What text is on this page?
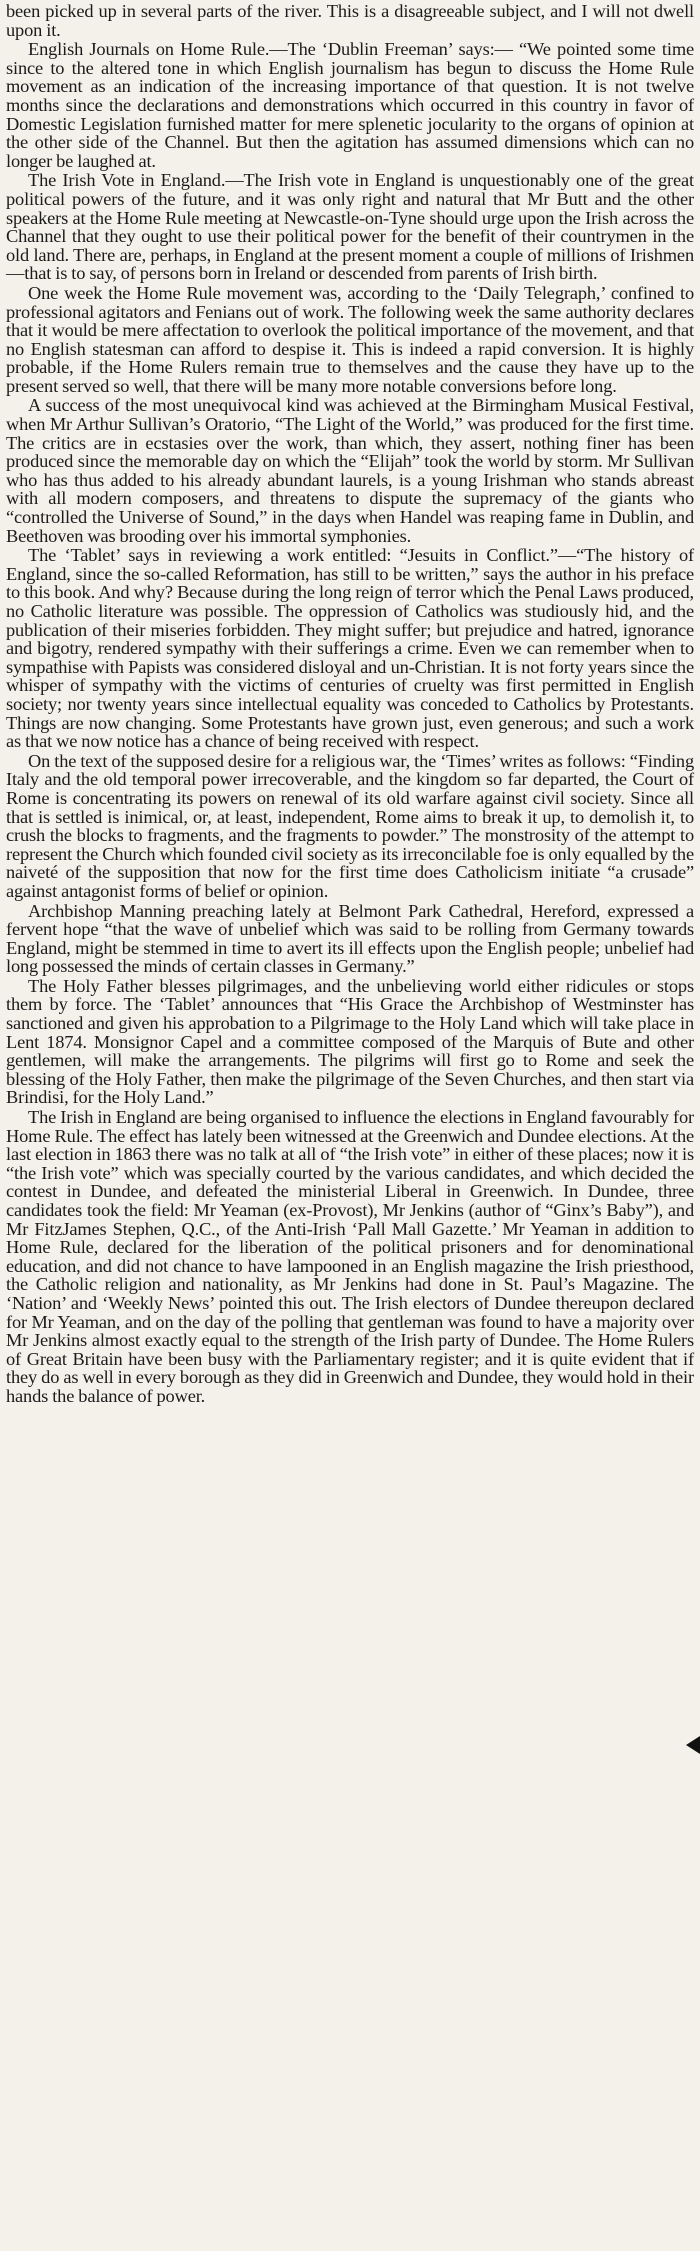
been picked up in several parts of the river. This is a disagreeable subject, and I will not dwell upon it.

English Journals on Home Rule.—The ‘Dublin Freeman’ says:— “We pointed some time since to the altered tone in which English journalism has begun to discuss the Home Rule movement as an indication of the increasing importance of that question. It is not twelve months since the declarations and demonstrations which occurred in this country in favor of Domestic Legislation furnished matter for mere splenetic jocularity to the organs of opinion at the other side of the Channel. But then the agitation has assumed dimensions which can no longer be laughed at.

The Irish Vote in England.—The Irish vote in England is unquestionably one of the great political powers of the future, and it was only right and natural that Mr Butt and the other speakers at the Home Rule meeting at Newcastle-on-Tyne should urge upon the Irish across the Channel that they ought to use their political power for the benefit of their countrymen in the old land. There are, perhaps, in England at the present moment a couple of millions of Irishmen—that is to say, of persons born in Ireland or descended from parents of Irish birth.

One week the Home Rule movement was, according to the ‘Daily Telegraph,’ confined to professional agitators and Fenians out of work. The following week the same authority declares that it would be mere affectation to overlook the political importance of the movement, and that no English statesman can afford to despise it. This is indeed a rapid conversion. It is highly probable, if the Home Rulers remain true to themselves and the cause they have up to the present served so well, that there will be many more notable conversions before long.

A success of the most unequivocal kind was achieved at the Birmingham Musical Festival, when Mr Arthur Sullivan’s Oratorio, “The Light of the World,” was produced for the first time. The critics are in ecstasies over the work, than which, they assert, nothing finer has been produced since the memorable day on which the “Elijah” took the world by storm. Mr Sullivan who has thus added to his already abundant laurels, is a young Irishman who stands abreast with all modern composers, and threatens to dispute the supremacy of the giants who “controlled the Universe of Sound,” in the days when Handel was reaping fame in Dublin, and Beethoven was brooding over his immortal symphonies.

The ‘Tablet’ says in reviewing a work entitled: “Jesuits in Conflict.”—“The history of England, since the so-called Reformation, has still to be written,” says the author in his preface to this book. And why? Because during the long reign of terror which the Penal Laws produced, no Catholic literature was possible. The oppression of Catholics was studiously hid, and the publication of their miseries forbidden. They might suffer; but prejudice and hatred, ignorance and bigotry, rendered sympathy with their sufferings a crime. Even we can remember when to sympathise with Papists was considered disloyal and un-Christian. It is not forty years since the whisper of sympathy with the victims of centuries of cruelty was first permitted in English society; nor twenty years since intellectual equality was conceded to Catholics by Protestants. Things are now changing. Some Protestants have grown just, even generous; and such a work as that we now notice has a chance of being received with respect.

On the text of the supposed desire for a religious war, the ‘Times’ writes as follows: “Finding Italy and the old temporal power irrecoverable, and the kingdom so far departed, the Court of Rome is concentrating its powers on renewal of its old warfare against civil society. Since all that is settled is inimical, or, at least, independent, Rome aims to break it up, to demolish it, to crush the blocks to fragments, and the fragments to powder.” The monstrosity of the attempt to represent the Church which founded civil society as its irreconcilable foe is only equalled by the naiveté of the supposition that now for the first time does Catholicism initiate “a crusade” against antagonist forms of belief or opinion.

Archbishop Manning preaching lately at Belmont Park Cathedral, Hereford, expressed a fervent hope “that the wave of unbelief which was said to be rolling from Germany towards England, might be stemmed in time to avert its ill effects upon the English people; unbelief had long possessed the minds of certain classes in Germany.”

The Holy Father blesses pilgrimages, and the unbelieving world either ridicules or stops them by force. The ‘Tablet’ announces that “His Grace the Archbishop of Westminster has sanctioned and given his approbation to a Pilgrimage to the Holy Land which will take place in Lent 1874. Monsignor Capel and a committee composed of the Marquis of Bute and other gentlemen, will make the arrangements. The pilgrims will first go to Rome and seek the blessing of the Holy Father, then make the pilgrimage of the Seven Churches, and then start via Brindisi, for the Holy Land.”

The Irish in England are being organised to influence the elections in England favourably for Home Rule. The effect has lately been witnessed at the Greenwich and Dundee elections. At the last election in 1863 there was no talk at all of “the Irish vote” in either of these places; now it is “the Irish vote” which was specially courted by the various candidates, and which decided the contest in Dundee, and defeated the ministerial Liberal in Greenwich. In Dundee, three candidates took the field: Mr Yeaman (ex-Provost), Mr Jenkins (author of “Ginx’s Baby”), and Mr FitzJames Stephen, Q.C., of the Anti-Irish ‘Pall Mall Gazette.’ Mr Yeaman in addition to Home Rule, declared for the liberation of the political prisoners and for denominational education, and did not chance to have lampooned in an English magazine the Irish priesthood, the Catholic religion and nationality, as Mr Jenkins had done in St. Paul’s Magazine. The ‘Nation’ and ‘Weekly News’ pointed this out. The Irish electors of Dundee thereupon declared for Mr Yeaman, and on the day of the polling that gentleman was found to have a majority over Mr Jenkins almost exactly equal to the strength of the Irish party of Dundee. The Home Rulers of Great Britain have been busy with the Parliamentary register; and it is quite evident that if they do as well in every borough as they did in Greenwich and Dundee, they would hold in their hands the balance of power.
